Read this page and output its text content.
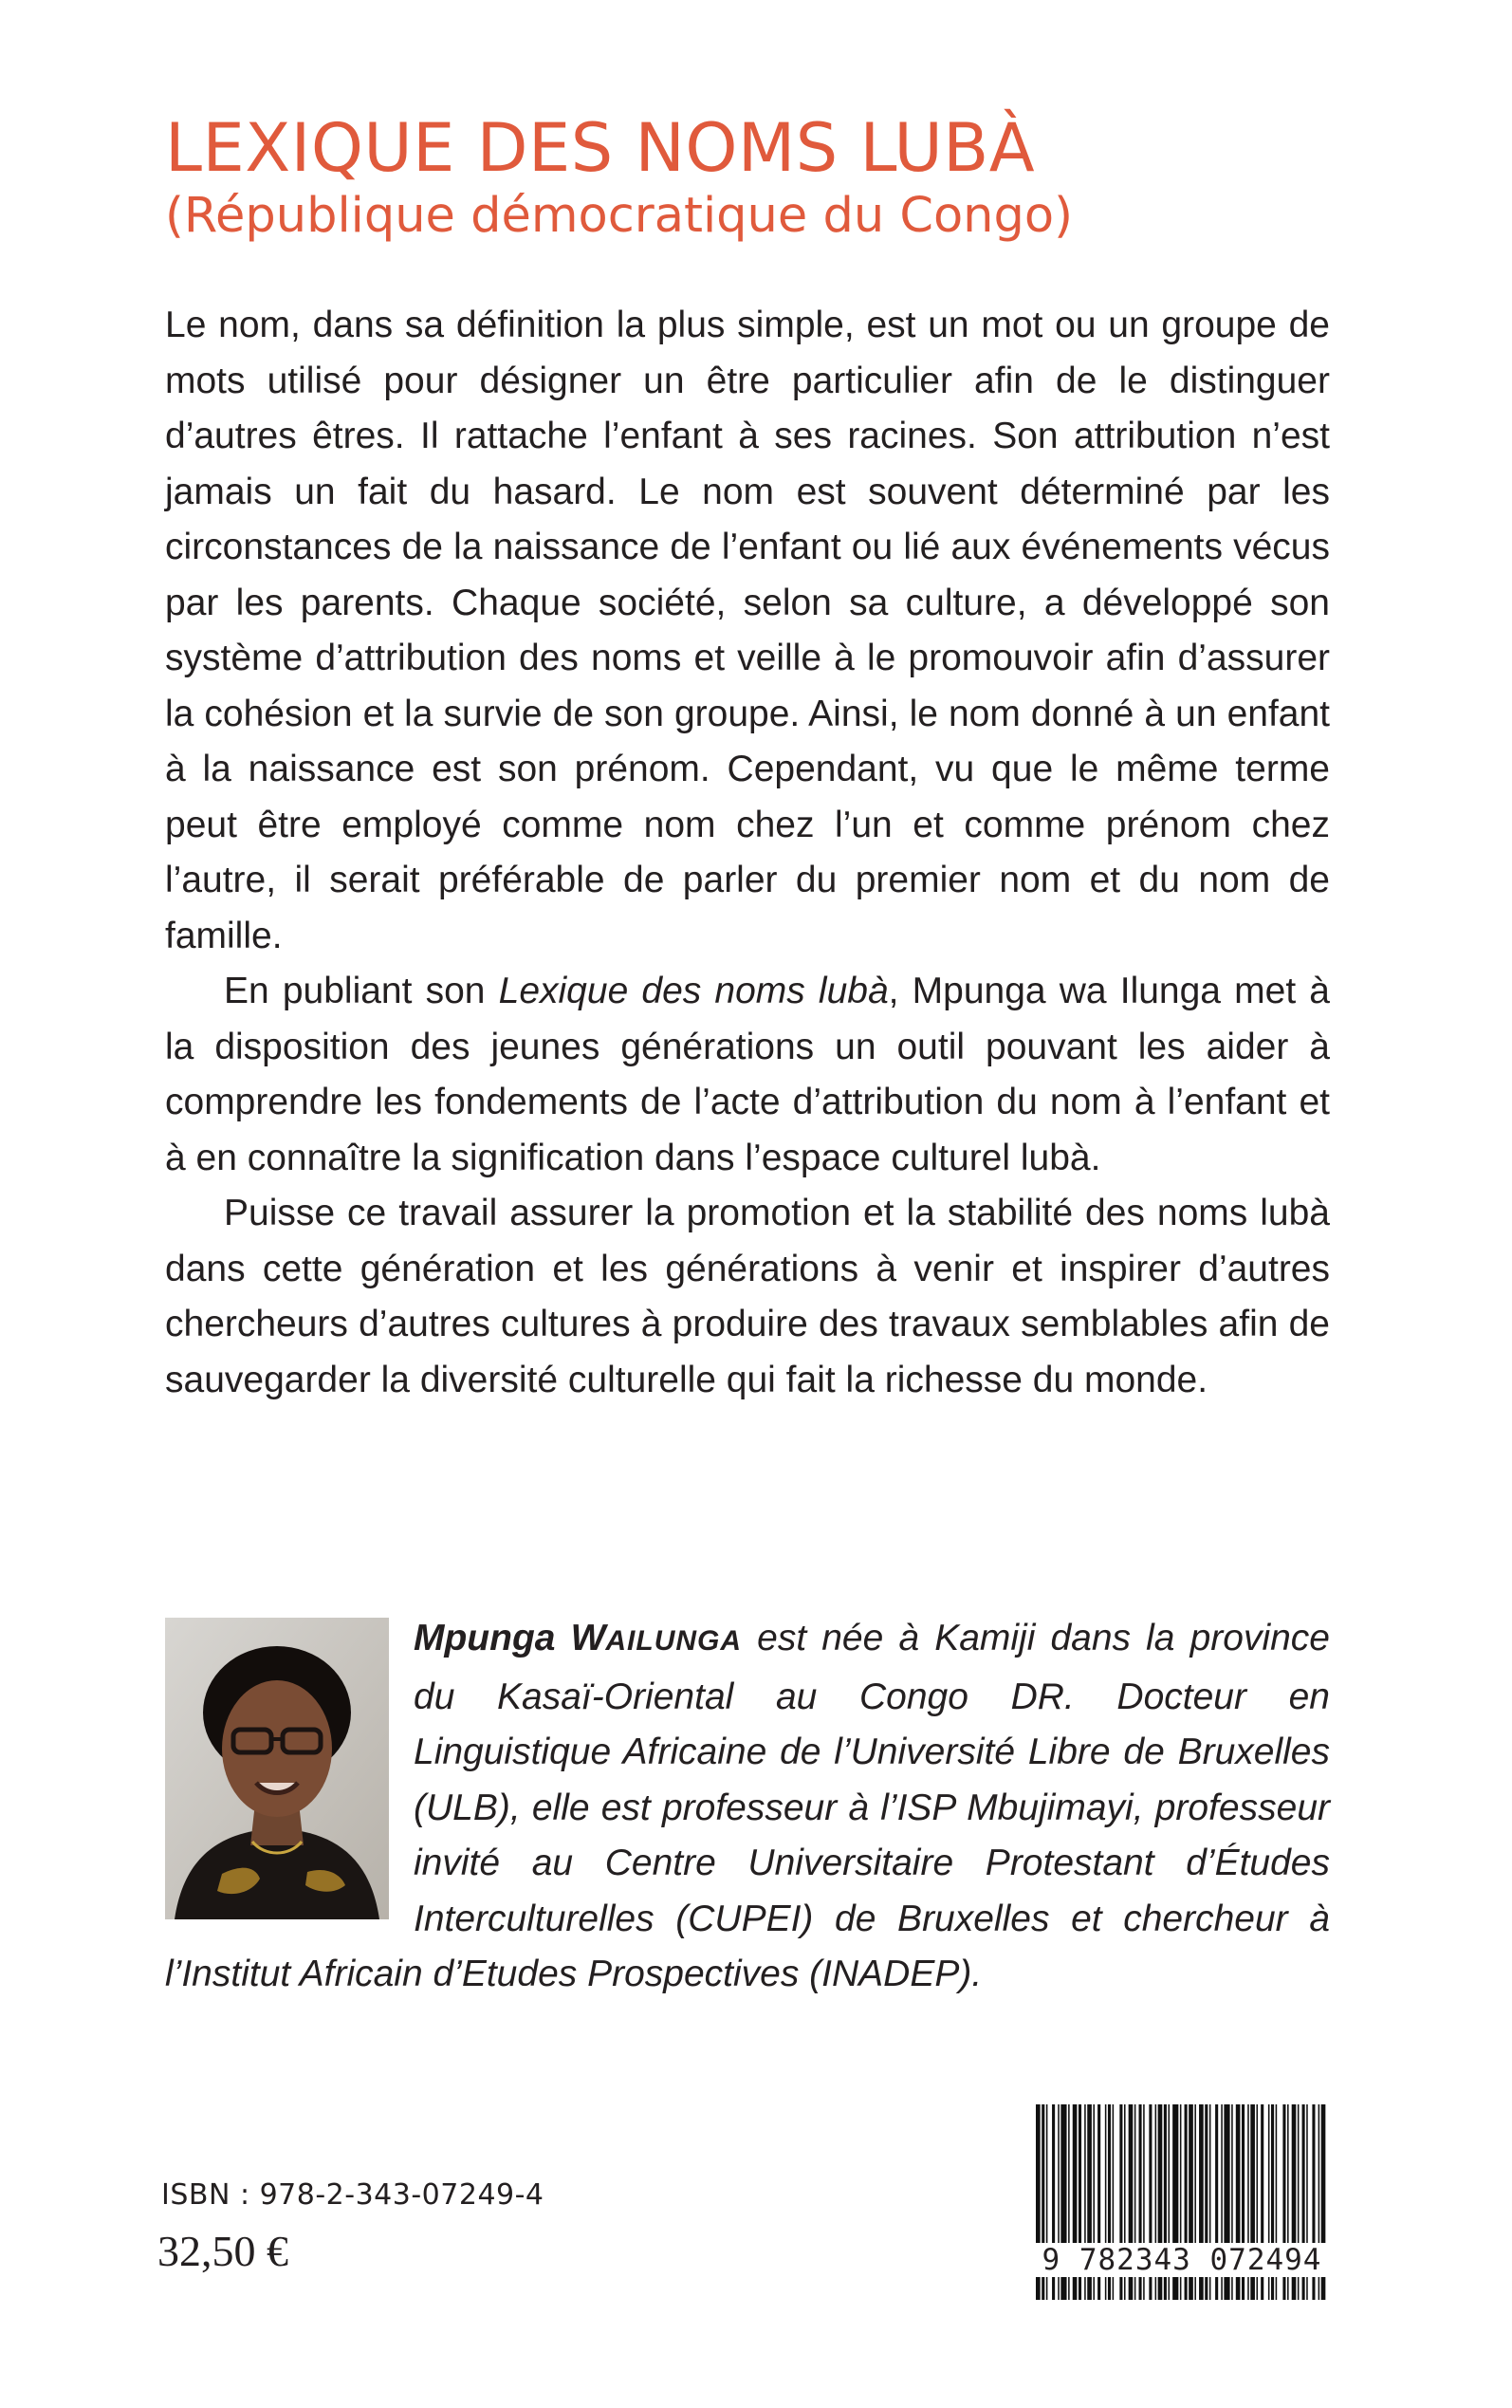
LEXIQUE DES NOMS LUBÀ
(République démocratique du Congo)

Le nom, dans sa définition la plus simple, est un mot ou un groupe de mots utilisé pour désigner un être particulier afin de le distinguer d’autres êtres. Il rattache l’enfant à ses racines. Son attribution n’est jamais un fait du hasard. Le nom est souvent déterminé par les circonstances de la naissance de l’enfant ou lié aux événements vécus par les parents. Chaque société, selon sa culture, a développé son système d’attribution des noms et veille à le promouvoir afin d’assurer la cohésion et la survie de son groupe. Ainsi, le nom donné à un enfant à la naissance est son prénom. Cependant, vu que le même terme peut être employé comme nom chez l’un et comme prénom chez l’autre, il serait préférable de parler du premier nom et du nom de famille.

En publiant son Lexique des noms lubà, Mpunga wa Ilunga met à la disposition des jeunes générations un outil pouvant les aider à comprendre les fondements de l’acte d’attribution du nom à l’enfant et à en connaître la signification dans l’espace culturel lubà.

Puisse ce travail assurer la promotion et la stabilité des noms lubà dans cette génération et les générations à venir et inspirer d’autres chercheurs d’autres cultures à produire des travaux semblables afin de sauvegarder la diversité culturelle qui fait la richesse du monde.

Mpunga WAILUNGA est née à Kamiji dans la province du Kasaï-Oriental au Congo DR. Docteur en Linguistique Africaine de l’Université Libre de Bruxelles (ULB), elle est professeur à l’ISP Mbujimayi, professeur invité au Centre Universitaire Protestant d’Études Interculturelles (CUPEI) de Bruxelles et chercheur à l’Institut Africain d’Etudes Prospectives (INADEP).

ISBN : 978-2-343-07249-4
32,50 €	9 782343 072494
